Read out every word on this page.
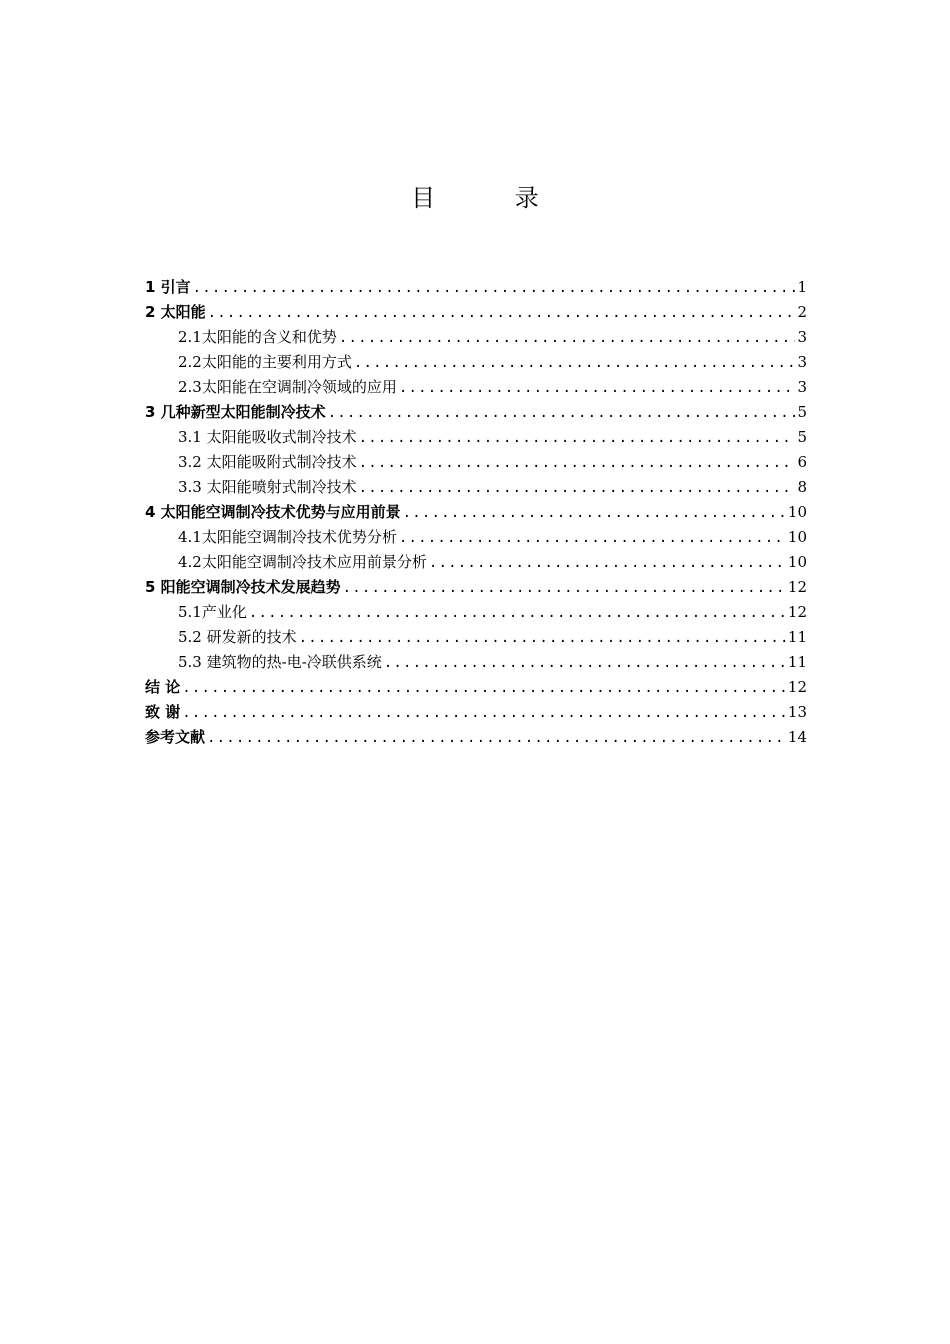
目 录
1 引言 .....	1
2 太阳能 .....	2
2.1太阳能的含义和优势 .....	3
2.2太阳能的主要利用方式 .....	3
2.3太阳能在空调制冷领域的应用 .....	3
3 几种新型太阳能制冷技术 .....	5
3.1 太阳能吸收式制冷技术 .....	5
3.2 太阳能吸附式制冷技术 .....	6
3.3 太阳能喷射式制冷技术 .....	8
4 太阳能空调制冷技术优势与应用前景 .....	10
4.1太阳能空调制冷技术优势分析 .....	10
4.2太阳能空调制冷技术应用前景分析 .....	10
5 阳能空调制冷技术发展趋势 .....	12
5.1产业化 .....	12
5.2 研发新的技术 .....	11
5.3 建筑物的热-电-冷联供系统 .....	11
结 论 .....	12
致 谢 .....	13
参考文献 .....	14
